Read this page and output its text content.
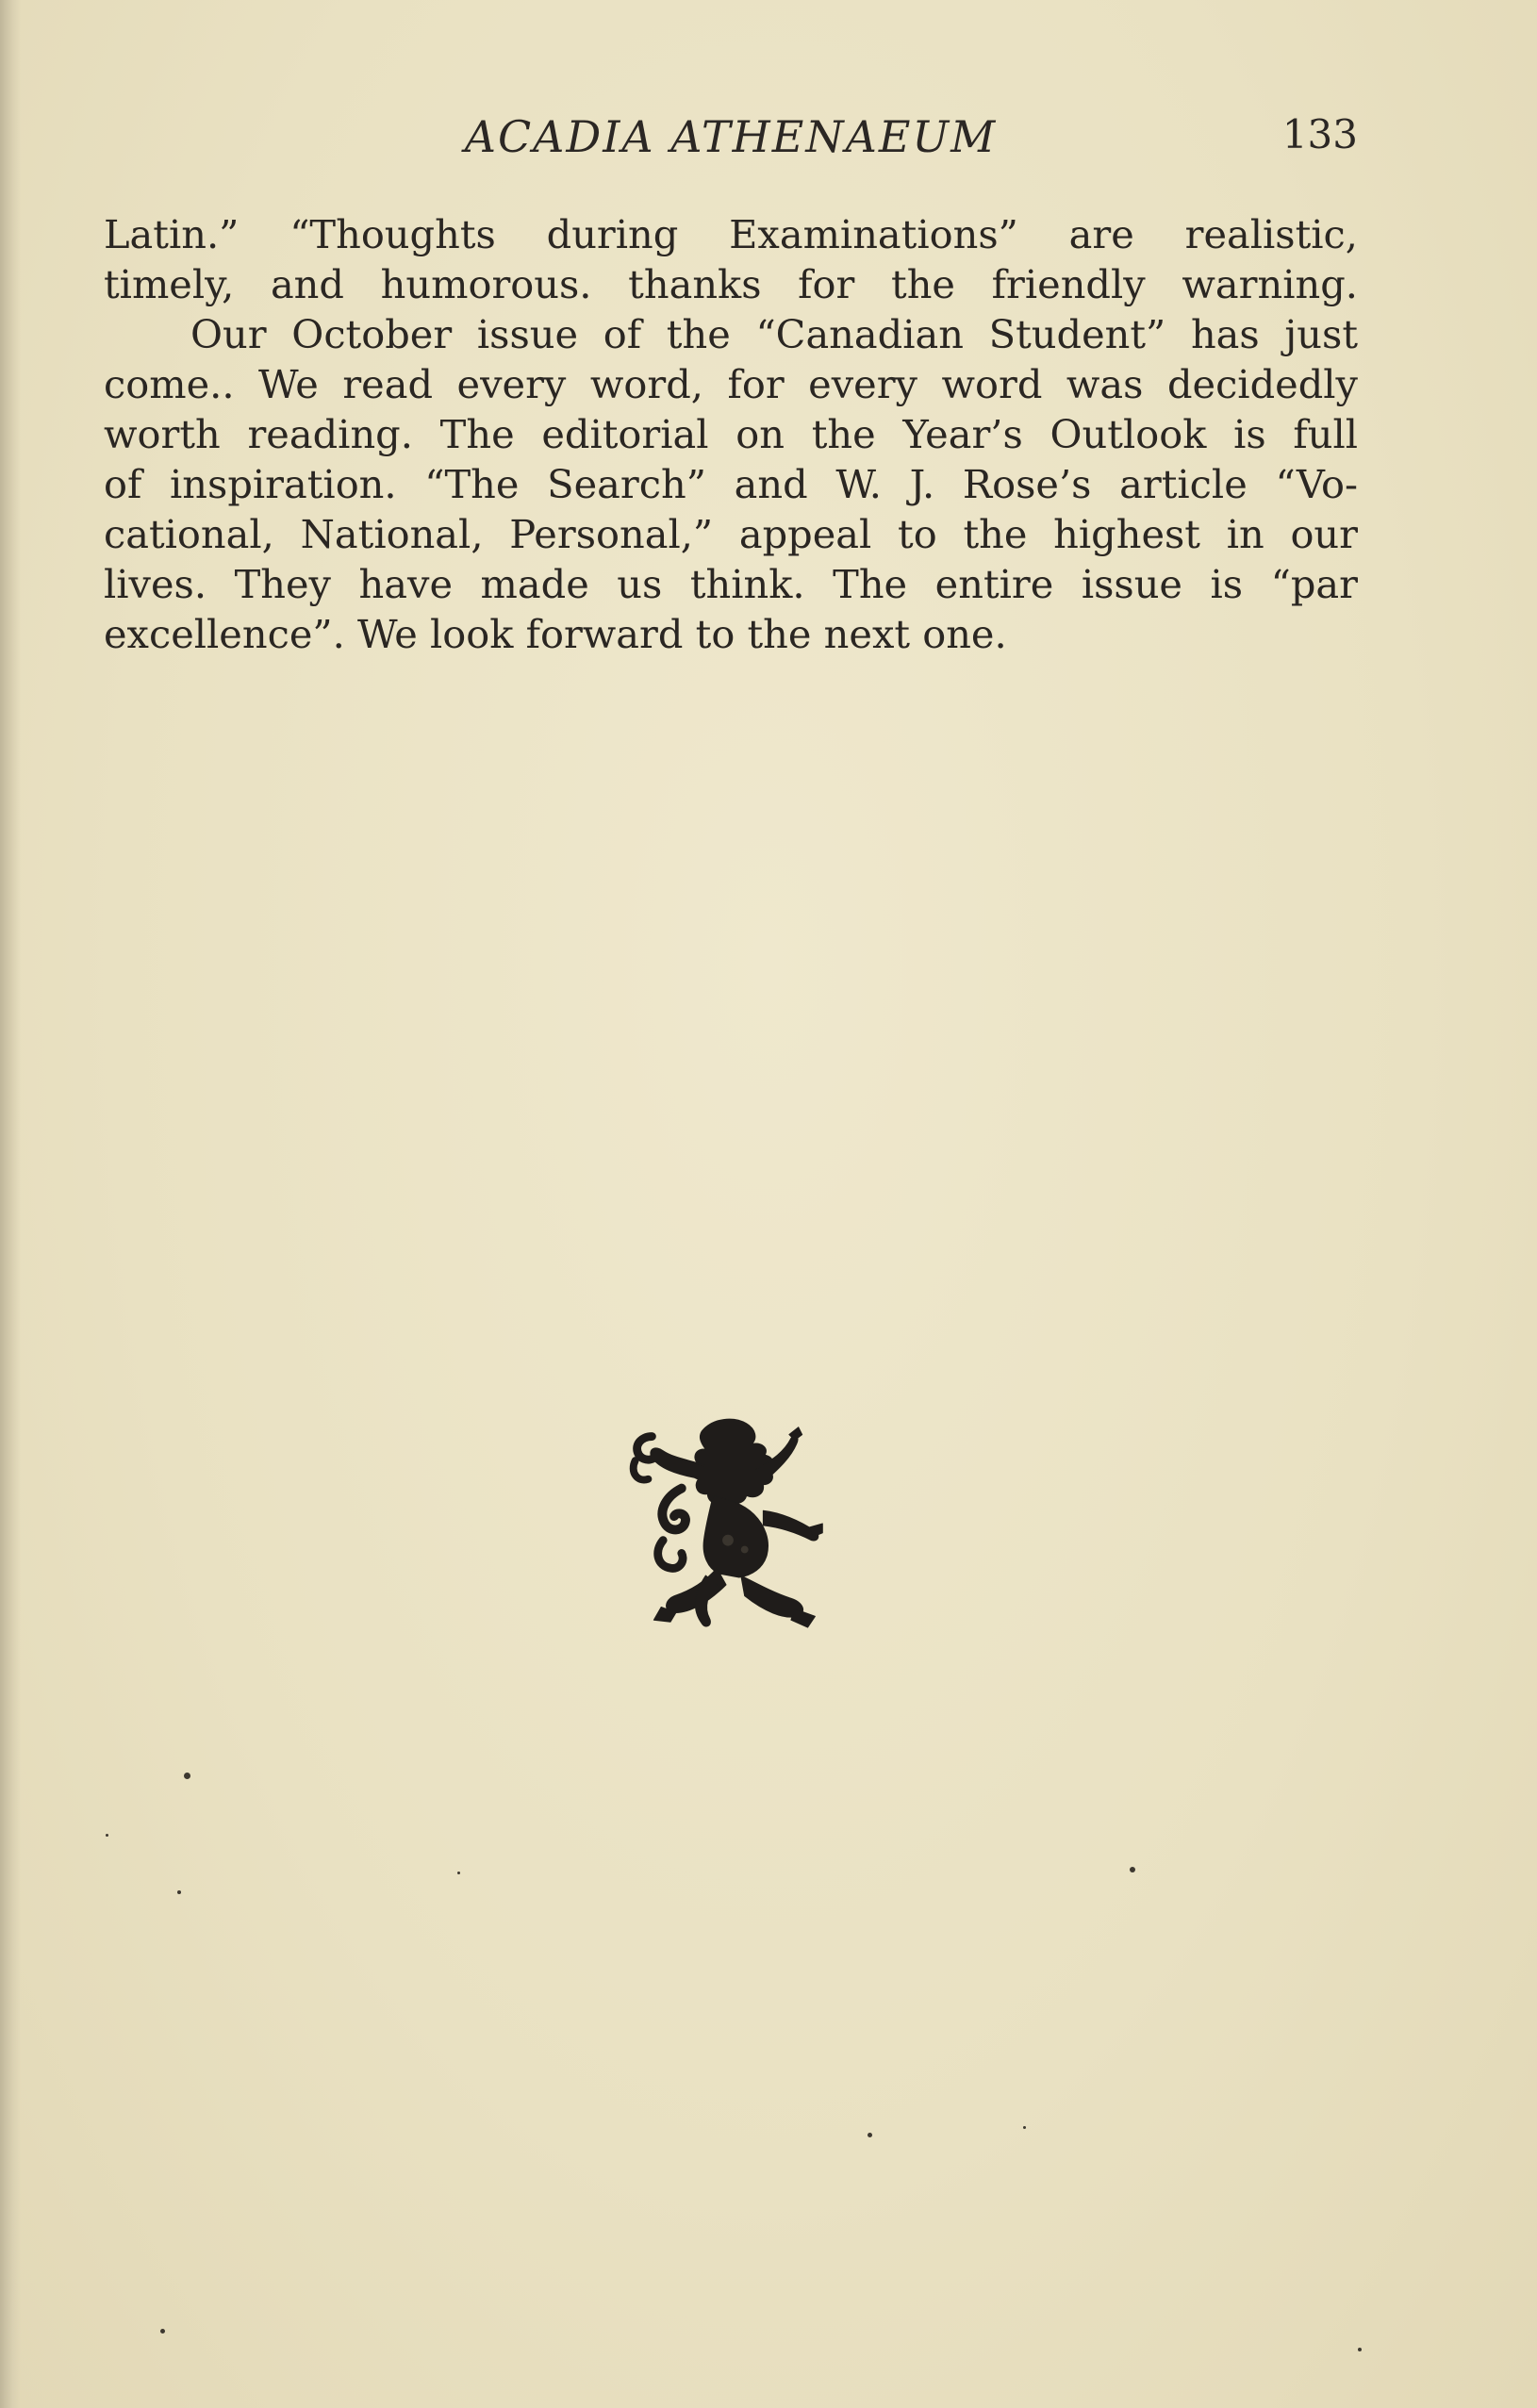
ACADIA ATHENAEUM	133
Latin.” “Thoughts during Examinations” are realistic,
timely, and humorous. thanks for the friendly warning.
Our October issue of the “Canadian Student” has just
come.. We read every word, for every word was decidedly
worth reading. The editorial on the Year’s Outlook is full
of inspiration. “The Search” and W. J. Rose’s article “Vo-
cational, National, Personal,” appeal to the highest in our
lives. They have made us think. The entire issue is “par
excellence”. We look forward to the next one.
